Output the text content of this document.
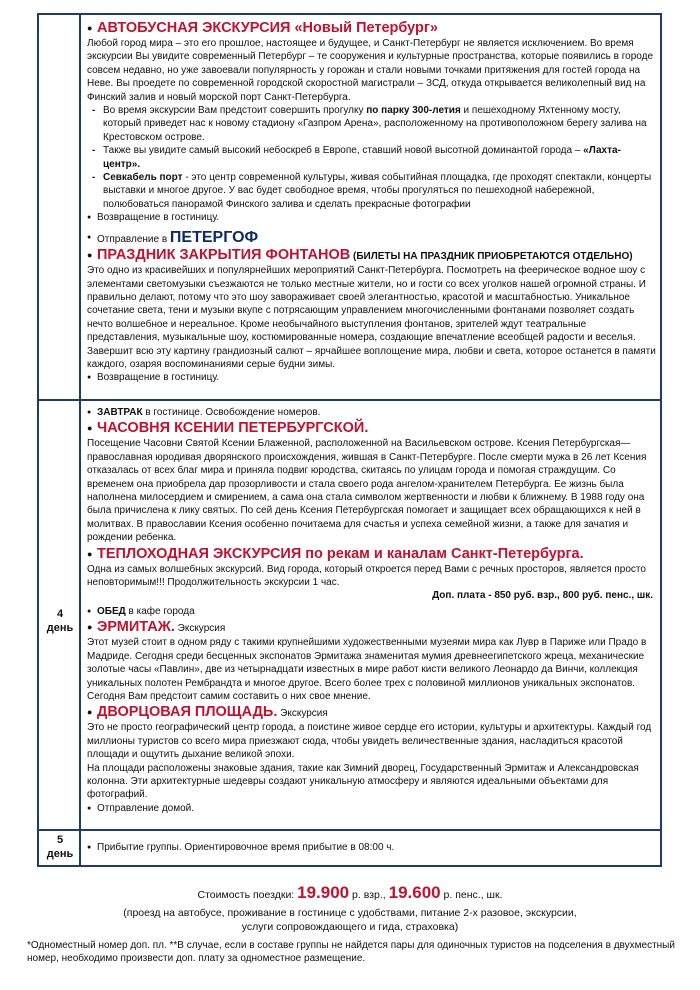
4
день
5
день
● АВТОБУСНАЯ ЭКСКУРСИЯ «Новый Петербург»

Любой город мира – это его прошлое, настоящее и будущее, и Санкт-Петербург не является исключением. Во время экскурсии Вы увидите современный Петербург – те сооружения и культурные пространства, которые появились в городе совсем недавно, но уже завоевали популярность у горожан и стали новыми точками притяжения для гостей города на Неве. Вы проедете по современной городской скоростной магистрали – ЗСД, откуда открывается великолепный вид на Финский залив и новый морской порт Санкт-Петербурга.

- Во время экскурсии Вам предстоит совершить прогулку по парку 300-летия и пешеходному Яхтенному мосту, который приведет нас к новому стадиону «Газпром Арена», расположенному на противоположном берегу залива на Крестовском острове.
- Также вы увидите самый высокий небоскреб в Европе, ставший новой высотной доминантой города – «Лахта-центр».
- Севкабель порт - это центр современной культуры, живая событийная площадка, где проходят спектакли, концерты выставки и многое другое. У вас будет свободное время, чтобы прогуляться по пешеходной набережной, полюбоваться панорамой Финского залива и сделать прекрасные фотографии
● Возвращение в гостиницу.
● Отправление в ПЕТЕРГОФ
● ПРАЗДНИК ЗАКРЫТИЯ ФОНТАНОВ (БИЛЕТЫ НА ПРАЗДНИК ПРИОБРЕТАЮТСЯ ОТДЕЛЬНО)

Это одно из красивейших и популярнейших мероприятий Санкт-Петербурга. Посмотреть на феерическое водное шоу с элементами светомузыки съезжаются не только местные жители, но и гости со всех уголков нашей огромной страны. И правильно делают, потому что это шоу завораживает своей элегантностью, красотой и масштабностью. Уникальное сочетание света, тени и музыки вкупе с потрясающим управлением многочисленными фонтанами позволяет создать нечто волшебное и нереальное. Кроме необычайного выступления фонтанов, зрителей ждут театральные представления, музыкальные шоу, костюмированные номера, создающие впечатление всеобщей радости и веселья. Завершит всю эту картину грандиозный салют – ярчайшее воплощение мира, любви и света, которое останется в памяти каждого, озаряя воспоминаниями серые будни зимы.

● Возвращение в гостиницу.
● ЗАВТРАК в гостинице. Освобождение номеров.
● ЧАСОВНЯ КСЕНИИ ПЕТЕРБУРГСКОЙ.

Посещение Часовни Святой Ксении Блаженной, расположенной на Васильевском острове. Ксения Петербургская— православная юродивая дворянского происхождения, жившая в Санкт-Петербурге. После смерти мужа в 26 лет Ксения отказалась от всех благ мира и приняла подвиг юродства, скитаясь по улицам города и помогая страждущим. Со временем она приобрела дар прозорливости и стала своего рода ангелом-хранителем Петербурга. Ее жизнь была наполнена милосердием и смирением, а сама она стала символом жертвенности и любви к ближнему. В 1988 году она была причислена к лику святых. По сей день Ксения Петербургская помогает и защищает всех обращающихся к ней в молитвах. В православии Ксения особенно почитаема для счастья и успеха семейной жизни, а также для зачатия и рождении ребенка.

● ТЕПЛОХОДНАЯ ЭКСКУРСИЯ по рекам и каналам Санкт-Петербурга.

Одна из самых волшебных экскурсий. Вид города, который откроется перед Вами с речных просторов, является просто неповторимым!!! Продолжительность экскурсии 1 час.

Доп. плата - 850 руб. взр., 800 руб. пенс., шк.
● ОБЕД в кафе города
● ЭРМИТАЖ. Экскурсия

Этот музей стоит в одном ряду с такими крупнейшими художественными музеями мира как Лувр в Париже или Прадо в Мадриде. Сегодня среди бесценных экспонатов Эрмитажа знаменитая мумия древнеегипетского жреца, механические золотые часы «Павлин», две из четырнадцати известных в мире работ кисти великого Леонардо да Винчи, коллекция уникальных полотен Рембрандта и многое другое. Всего более трех с половиной миллионов уникальных экспонатов. Сегодня Вам предстоит самим составить о них свое мнение.

● ДВОРЦОВАЯ ПЛОЩАДЬ. Экскурсия

Это не просто географический центр города, а поистине живое сердце его истории, культуры и архитектуры. Каждый год миллионы туристов со всего мира приезжают сюда, чтобы увидеть величественные здания, насладиться красотой площади и ощутить дыхание великой эпохи.

На площади расположены знаковые здания, такие как Зимний дворец, Государственный Эрмитаж и Александровская колонна. Эти архитектурные шедевры создают уникальную атмосферу и являются идеальными объектами для фотографий.

● Отправление домой.
● Прибытие группы. Ориентировочное время прибытие в 08:00 ч.
Стоимость поездки: 19.900 р. взр., 19.600 р. пенс., шк.
(проезд на автобусе, проживание в гостинице с удобствами, питание 2-х разовое, экскурсии, услуги сопровождающего и гида, страховка)
*Одноместный номер доп. пл. **В случае, если в составе группы не найдется пары для одиночных туристов на подселения в двухместный номер, необходимо произвести доп. плату за одноместное размещение.
